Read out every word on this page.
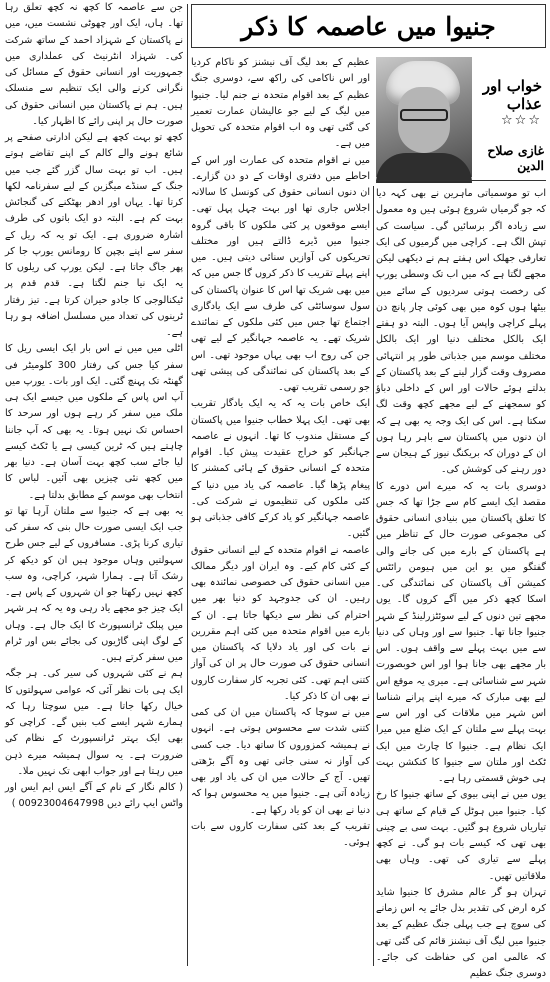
جنیوا میں عاصمہ کا ذکر
خواب اور عذاب
☆☆☆
غازی صلاح الدین

اب تو موسمیاتی ماہرین نے بھی کہہ دیا کہ جو گرمیاں شروع ہوئی ہیں وہ معمول سے زیادہ اگر برسائیں گی۔ سیاست کی تپش الگ ہے۔ کراچی میں گرمیوں کی ایک تعارفی جھلک اس ہفتے ہم نے دیکھی لیکن مجھے لگتا ہے کہ میں اب تک وسطی یورپ کی رخصت ہوتی سردیوں کے سائے میں بیٹھا ہوں کوہ میں بھی کوئی چار پانچ دن پہلے کراچی واپس آیا ہوں۔ البتہ دو ہفتے ایک بالکل مختلف دنیا اور ایک بالکل مختلف موسم میں جذباتی طور پر انتہائی مصروف وقت گزار لینے کے بعد پاکستان کے بدلتے ہوئے حالات اور اس کے داخلی دباؤ کو سمجھنے کے لیے مجھے کچھ وقت لگ سکتا ہے۔ اس کی ایک وجہ یہ بھی ہے کہ ان دنوں میں پاکستان سے باہر رہا ہوں ان کے دوران کہ بریکنگ نیوز کے ہیجان سے دور رہنے کی کوشش کی۔

دوسری بات یہ کہ میرے اس دورے کا مقصد ایک ایسے کام سے جڑا تھا کہ جس کا تعلق پاکستان میں بنیادی انسانی حقوق کی مجموعی صورت حال کے تناظر میں ہے پاکستان کے بارے میں کی جانے والی گفتگو میں یو این میں ہیومن رائٹس کمیشن آف پاکستان کی نمائندگی کی۔ اسکا کچھ ذکر میں آگے کروں گا۔ یوں مجھے تین دنوں کے لیے سوئٹزرلینڈ کے شہر جنیوا جانا تھا۔ جنیوا سے اور وہاں کی دنیا سے میں بہت پہلے سے واقف ہوں۔ اس بار مجھے بھی جانا ہوا اور اس خوبصورت شہر سے شناسائی ہے۔ میری یہ موقع اس لیے بھی مبارک کہ میرے اپنے پرانے شناسا اس شہر میں ملاقات کی اور اس سے بہت پہلے سے ملتان کے ایک ضلع میں میرا ایک نظام ہے۔ جنیوا کا چارٹ میں ایک ٹکٹ اور ملتان سے جنیوا کا کنکشن بہت ہی خوش قسمتی رہا ہے۔

یوں میں نے اپنی بیوی کے ساتھ جنیوا کا رخ کیا۔ جنیوا میں ہوٹل کے قیام کے ساتھ ہی تیاریاں شروع ہو گئیں۔ بہت سی بے چینی بھی تھی کہ کیسے بات ہو گی۔ نے کچھ پہلے سے تیاری کی تھی۔ وہاں بھی ملاقاتیں تھیں۔

تہران ہو گر عالم مشرق کا جنیوا شاید کرہ ارض کی تقدیر بدل جائے یہ اس زمانے کی سوچ ہے جب پہلی جنگ عظیم کے بعد جنیوا میں لیگ آف نیشنز قائم کی گئی تھی کہ عالمی امن کی حفاظت کی جائے۔ دوسری جنگ عظیم

عظیم کے بعد لیگ آف نیشنز کو ناکام کردیا اور اس ناکامی کی راکھ سے، دوسری جنگ عظیم کے بعد اقوام متحدہ نے جنم لیا۔ جنیوا میں لیگ کے لیے جو عالیشان عمارت تعمیر کی گئی تھی وہ اب اقوام متحدہ کی تحویل میں ہے۔

میں نے اقوام متحدہ کی عمارت اور اس کے احاطے میں دفتری اوقات کے دو دن گزارے۔ ان دنوں انسانی حقوق کی کونسل کا سالانہ اجلاس جاری تھا اور بہت چہل پہل تھی۔ ایسے موقعوں پر کئی ملکوں کا باقی گروہ جنیوا میں ڈیرے ڈالتے ہیں اور مختلف تحریکوں کی آوازیں سنائی دیتی ہیں۔ میں اپنے پہلے تقریب کا ذکر کروں گا جس میں کہ میں بھی شریک تھا اس کا عنوان پاکستان کی سول سوسائٹی کی طرف سے ایک یادگاری اجتماع تھا جس میں کئی ملکوں کے نمائندے شریک تھے۔ یہ عاصمہ جہانگیر کے لیے تھی جن کی روح اب بھی یہاں موجود تھی۔ اس کے بعد پاکستان کی نمائندگی کی پیشی تھی جو رسمی تقریب تھی۔

ایک خاص بات یہ کہ یہ ایک یادگار تقریب بھی تھی۔ ایک پہلا خطاب جنیوا میں پاکستان کے مستقل مندوب کا تھا۔ انہوں نے عاصمہ جہانگیر کو خراج عقیدت پیش کیا۔ اقوام متحدہ کے انسانی حقوق کے ہائی کمشنر کا پیغام پڑھا گیا۔ عاصمہ کی یاد میں دنیا کے کئی ملکوں کی تنظیموں نے شرکت کی۔ عاصمہ جہانگیر کو یاد کرکے کافی جذباتی ہو گئیں۔

عاصمہ نے اقوام متحدہ کے لیے انسانی حقوق کے کئی کام کیے۔ وہ ایران اور دیگر ممالک میں انسانی حقوق کی خصوصی نمائندہ بھی رہیں۔ ان کی جدوجہد کو دنیا بھر میں احترام کی نظر سے دیکھا جاتا ہے۔ ان کے بارے میں اقوام متحدہ میں کئی اہم مقررین نے بات کی اور یاد دلایا کہ پاکستان میں انسانی حقوق کی صورت حال پر ان کی آواز کتنی اہم تھی۔ کئی تجربہ کار سفارت کاروں نے بھی ان کا ذکر کیا۔

میں نے سوچا کہ پاکستان میں ان کی کمی کتنی شدت سے محسوس ہوتی ہے۔ انہوں نے ہمیشہ کمزوروں کا ساتھ دیا۔ جب کسی کی آواز نہ سنی جاتی تھی وہ آگے بڑھتی تھیں۔ آج کے حالات میں ان کی یاد اور بھی زیادہ آتی ہے۔ جنیوا میں یہ محسوس ہوا کہ دنیا نے بھی ان کو یاد رکھا ہے۔

تقریب کے بعد کئی سفارت کاروں سے بات ہوئی۔

جن سے عاصمہ کا کچھ نہ کچھ تعلق رہا تھا۔ ہاں، ایک اور چھوٹی نشست میں، میں نے پاکستان کے شہزاد احمد کے ساتھ شرکت کی۔ شہزاد انٹرنیٹ کی عملداری میں جمہوریت اور انسانی حقوق کے مسائل کی نگرانی کرنے والی ایک تنظیم سے منسلک ہیں۔ ہم نے پاکستان میں انسانی حقوق کی صورت حال پر اپنی رائے کا اظہار کیا۔

کچھ تو بہت کچھ ہے لیکن ادارتی صفحے پر شائع ہونے والے کالم کے اپنے تقاضے ہوتے ہیں۔ اب تو بہت سال گزر گئے جب میں جنگ کے سنڈے میگزین کے لیے سفرنامہ لکھا کرتا تھا۔ یہاں اور ادھر بھٹکنے کی گنجائش بہت کم ہے۔ البتہ دو ایک باتوں کی طرف اشارہ ضروری ہے۔ ایک تو یہ کہ ریل کے سفر سے اپنے بچپن کا رومانس یورپ جا کر پھر جاگ جاتا ہے۔ لیکن یورپ کی ریلوں کا یہ ایک نیا جنم لگتا ہے۔ قدم قدم پر ٹیکنالوجی کا جادو حیران کرتا ہے۔ تیز رفتار ٹرینوں کی تعداد میں مسلسل اضافہ ہو رہا ہے۔

اٹلی میں میں نے اس بار ایک ایسی ریل کا سفر کیا جس کی رفتار 300 کلومیٹر فی گھنٹہ تک پہنچ گئی۔ ایک اور بات۔ یورپ میں آپ اس پاس کے ملکوں میں جیسے ایک ہی ملک میں سفر کر رہے ہوں اور سرحد کا احساس تک نہیں ہوتا۔ یہ بھی کہ آپ جاننا چاہتے ہیں کہ ٹرین کیسی ہے یا ٹکٹ کیسے لیا جائے سب کچھ بہت آسان ہے۔ دنیا بھر میں کچھ نئی چیزیں بھی آئیں۔ لباس کا انتخاب بھی موسم کے مطابق بدلتا ہے۔

یہ بھی ہے کہ جنیوا سے ملتان آرہا تھا تو جب ایک ایسی صورت حال بنی کہ سفر کی تیاری کرنا پڑی۔ مسافروں کے لیے جس طرح سہولتیں وہاں موجود ہیں ان کو دیکھ کر رشک آتا ہے۔ ہمارا شہر، کراچی، وہ سب کچھ نہیں رکھتا جو ان شہروں کے پاس ہے۔ ایک چیز جو مجھے یاد رہی وہ یہ کہ ہر شہر میں پبلک ٹرانسپورٹ کا ایک جال ہے۔ وہاں کے لوگ اپنی گاڑیوں کی بجائے بس اور ٹرام میں سفر کرتے ہیں۔

ہم نے کئی شہروں کی سیر کی۔ ہر جگہ ایک ہی بات نظر آئی کہ عوامی سہولتوں کا خیال رکھا جاتا ہے۔ میں سوچتا رہا کہ ہمارے شہر ایسے کب بنیں گے۔ کراچی کو بھی ایک بہتر ٹرانسپورٹ کے نظام کی ضرورت ہے۔ یہ سوال ہمیشہ میرے ذہن میں رہتا ہے اور جواب ابھی تک نہیں ملا۔

( کالم نگار کے نام کے آگے ایس ایم ایس اور واٹس ایپ رائے دیں 00923004647998 )
